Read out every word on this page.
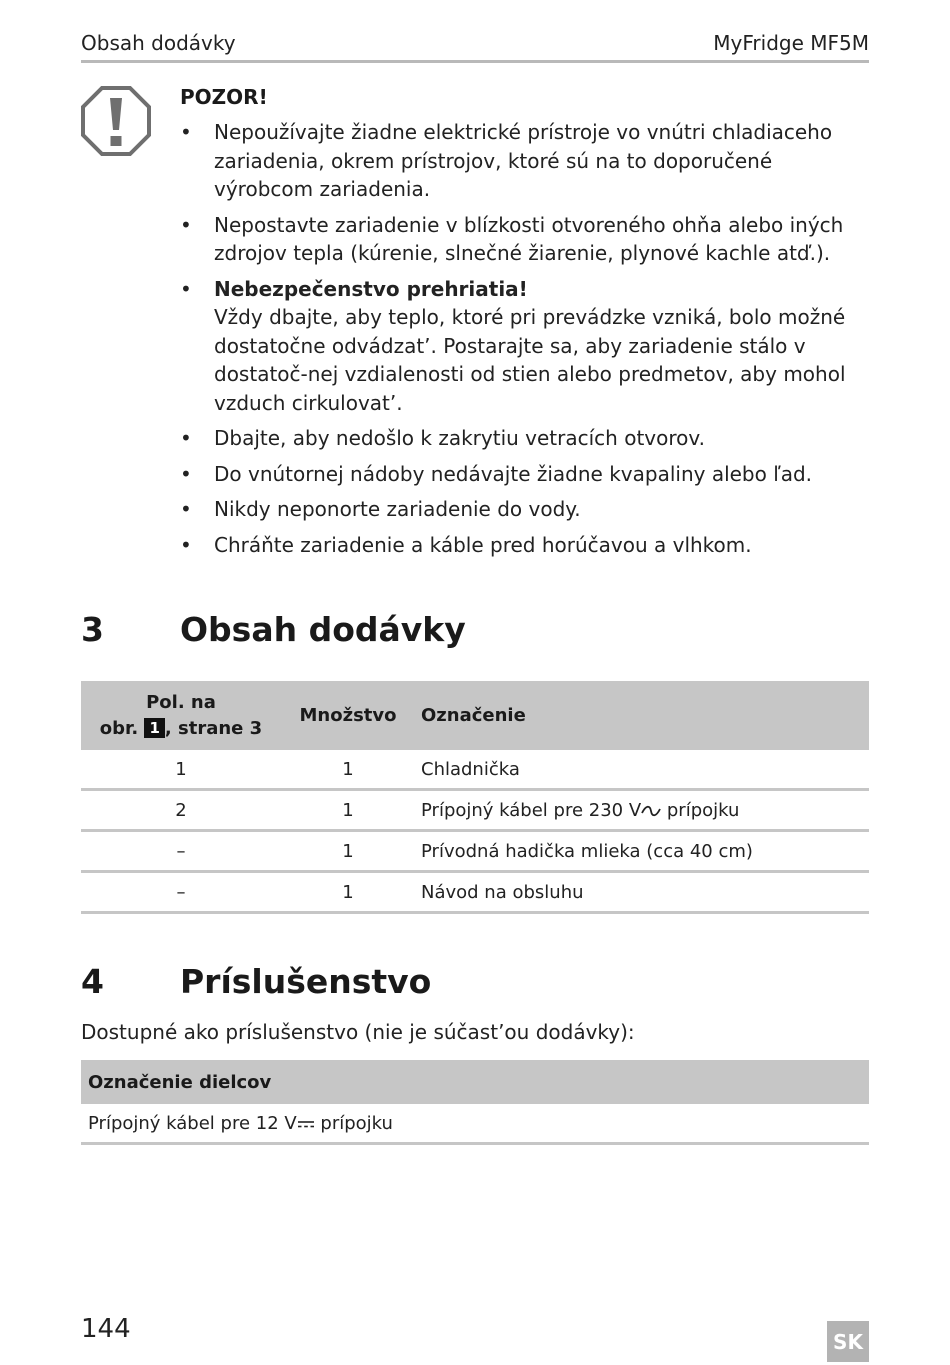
Obsah dodávky	MyFridge MF5M
POZOR!
• Nepoužívajte žiadne elektrické prístroje vo vnútri chladiaceho zariadenia, okrem prístrojov, ktoré sú na to doporučené výrobcom zariadenia.
• Nepostavte zariadenie v blízkosti otvoreného ohňa alebo iných zdrojov tepla (kúrenie, slnečné žiarenie, plynové kachle atď.).
• Nebezpečenstvo prehriatia!
Vždy dbajte, aby teplo, ktoré pri prevádzke vzniká, bolo možné dostatočne odvádzat’. Postarajte sa, aby zariadenie stálo v dostatoč-nej vzdialenosti od stien alebo predmetov, aby mohol vzduch cirkulovat’.
• Dbajte, aby nedošlo k zakrytiu vetracích otvorov.
• Do vnútornej nádoby nedávajte žiadne kvapaliny alebo ľad.
• Nikdy neponorte zariadenie do vody.
• Chráňte zariadenie a káble pred horúčavou a vlhkom.
3 Obsah dodávky
Pol. na
obr. 1 , strane 3	Množstvo	Označenie
1	1	Chladnička
2	1	Prípojný kábel pre 230 V prípojku
–	1	Prívodná hadička mlieka (cca 40 cm)
–	1	Návod na obsluhu
4 Príslušenstvo
Dostupné ako príslušenstvo (nie je súčast’ou dodávky):
Označenie dielcov
Prípojný kábel pre 12 V prípojku
144	SK
